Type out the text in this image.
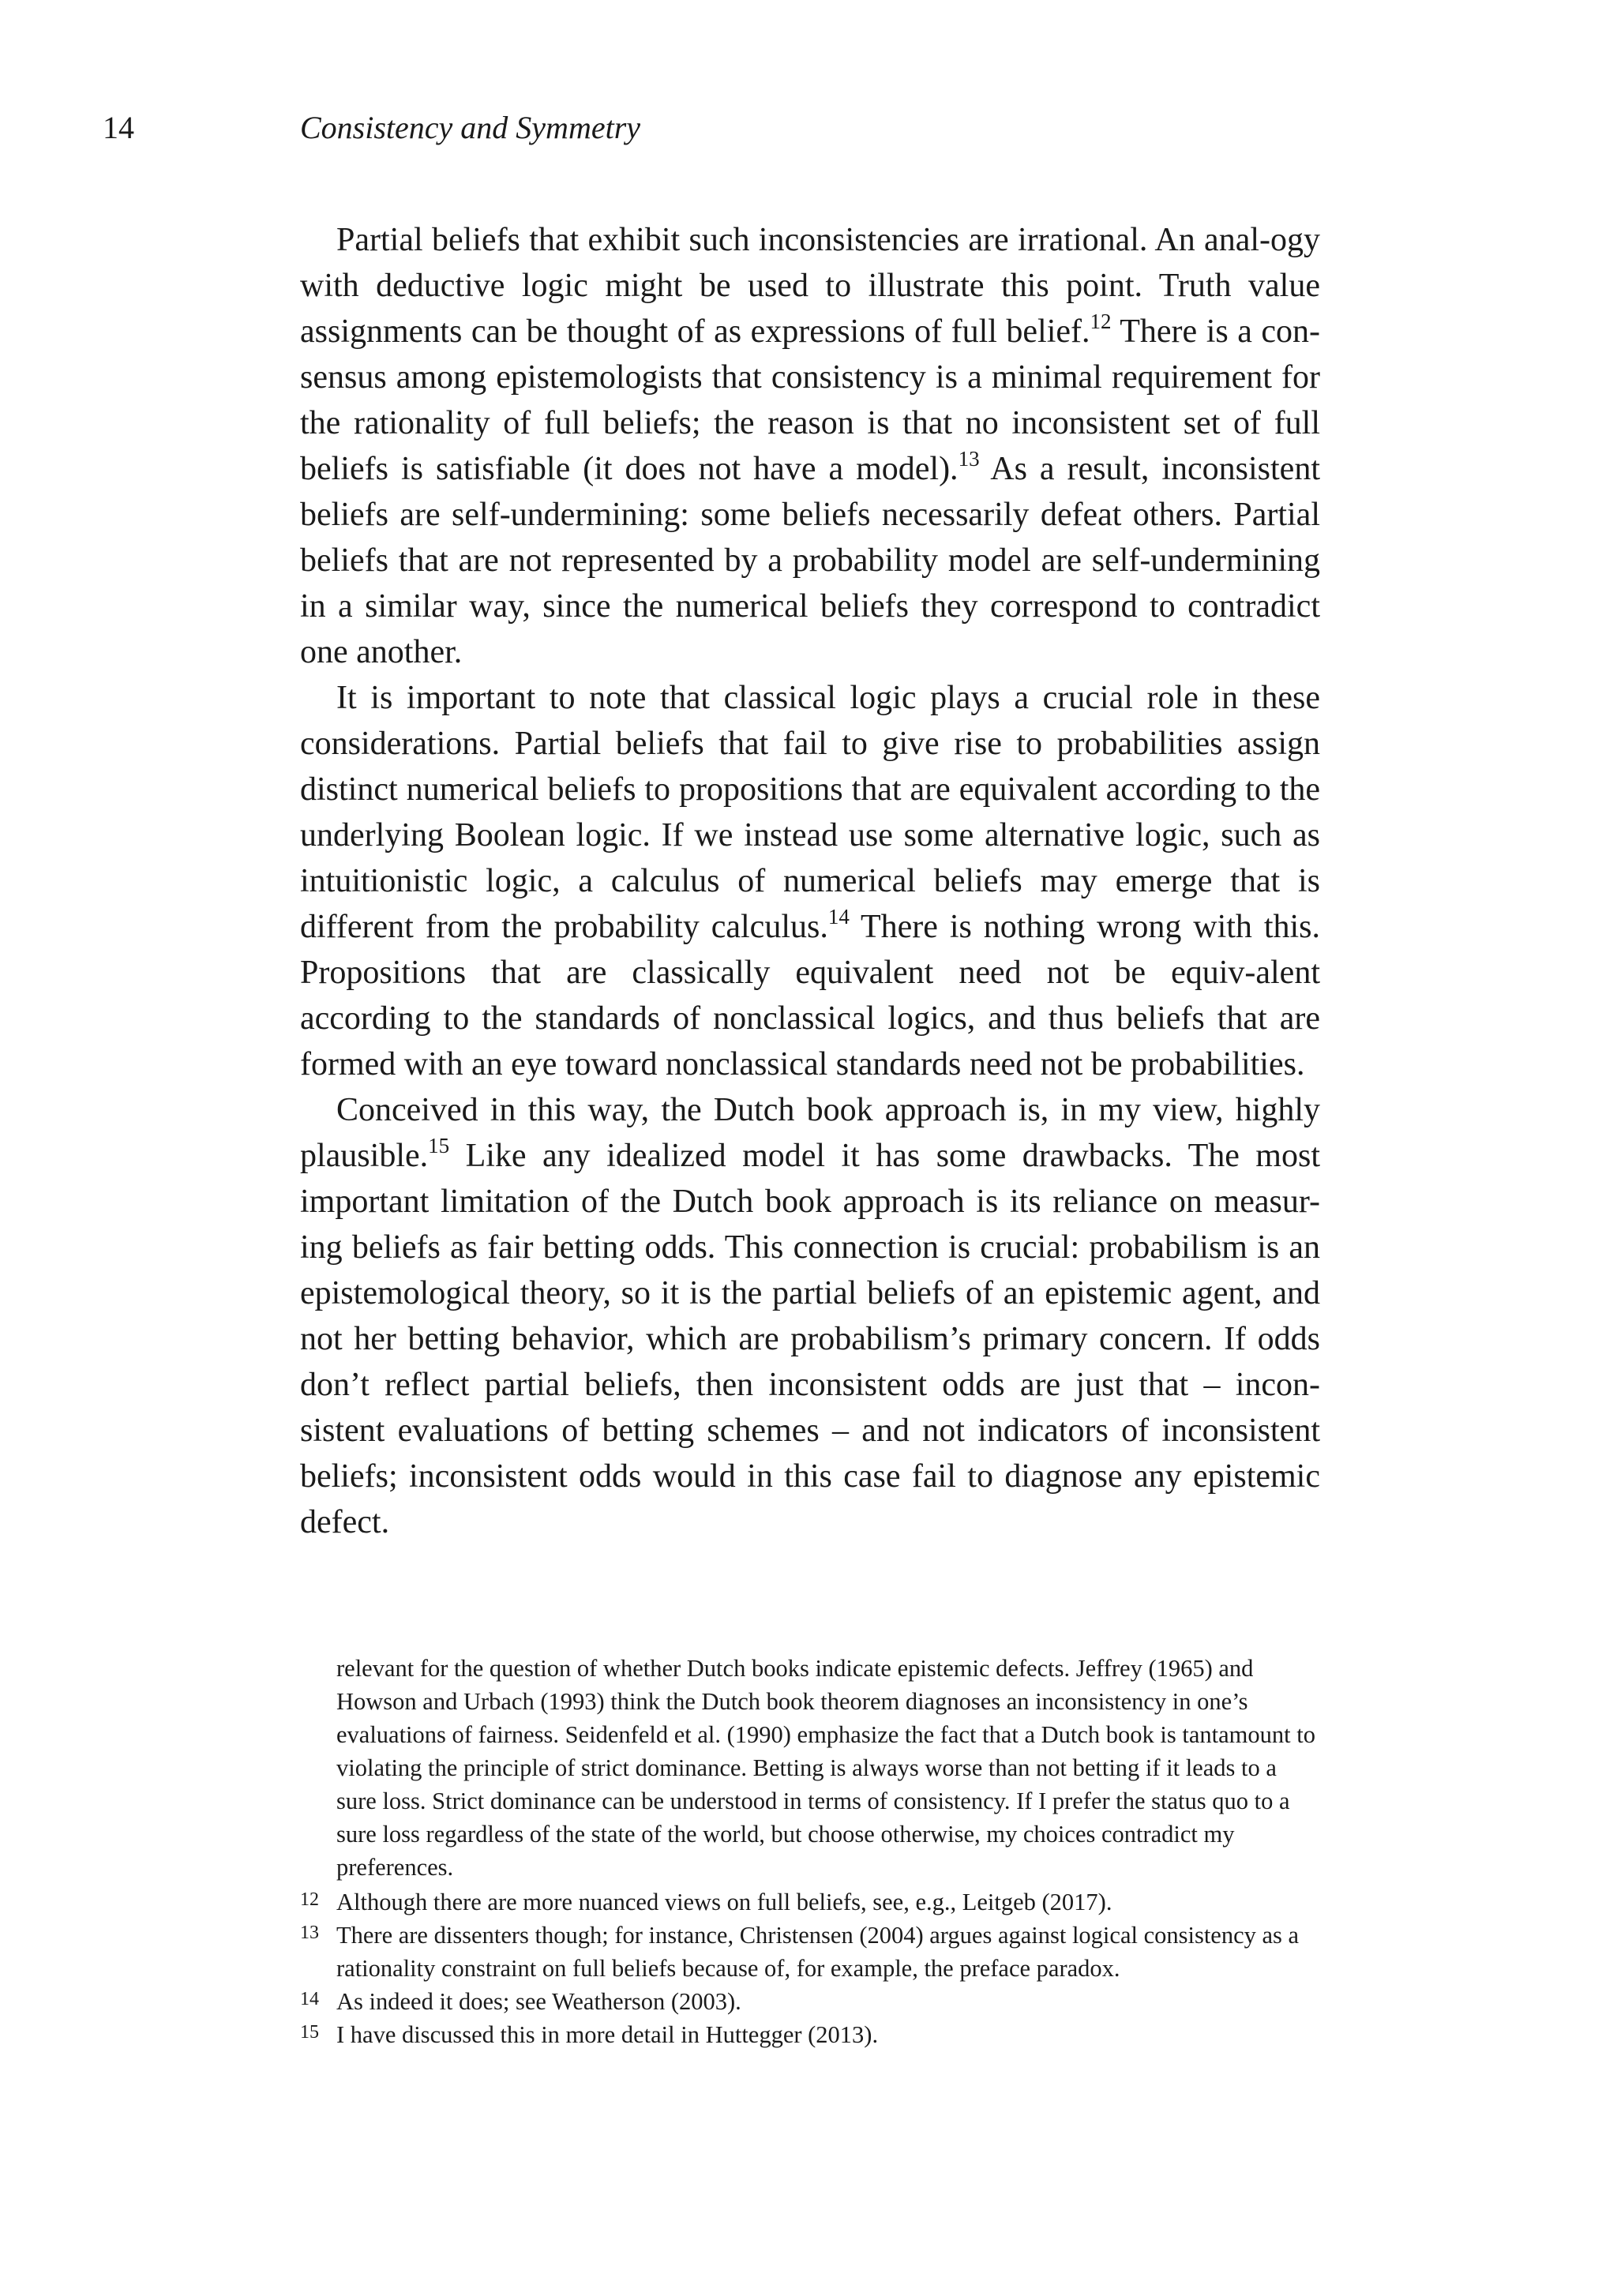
14	Consistency and Symmetry

Partial beliefs that exhibit such inconsistencies are irrational. An anal-ogy with deductive logic might be used to illustrate this point. Truth value assignments can be thought of as expressions of full belief.$^{12}$ There is a con-sensus among epistemologists that consistency is a minimal requirement for the rationality of full beliefs; the reason is that no inconsistent set of full beliefs is satisfiable (it does not have a model).$^{13}$ As a result, inconsistent beliefs are self-undermining: some beliefs necessarily defeat others. Partial beliefs that are not represented by a probability model are self-undermining in a similar way, since the numerical beliefs they correspond to contradict one another.

It is important to note that classical logic plays a crucial role in these considerations. Partial beliefs that fail to give rise to probabilities assign distinct numerical beliefs to propositions that are equivalent according to the underlying Boolean logic. If we instead use some alternative logic, such as intuitionistic logic, a calculus of numerical beliefs may emerge that is different from the probability calculus.$^{14}$ There is nothing wrong with this. Propositions that are classically equivalent need not be equiv-alent according to the standards of nonclassical logics, and thus beliefs that are formed with an eye toward nonclassical standards need not be probabilities.

Conceived in this way, the Dutch book approach is, in my view, highly plausible.$^{15}$ Like any idealized model it has some drawbacks. The most important limitation of the Dutch book approach is its reliance on measur-ing beliefs as fair betting odds. This connection is crucial: probabilism is an epistemological theory, so it is the partial beliefs of an epistemic agent, and not her betting behavior, which are probabilism’s primary concern. If odds don’t reflect partial beliefs, then inconsistent odds are just that – incon-sistent evaluations of betting schemes – and not indicators of inconsistent beliefs; inconsistent odds would in this case fail to diagnose any epistemic defect.

relevant for the question of whether Dutch books indicate epistemic defects. Jeffrey (1965) and Howson and Urbach (1993) think the Dutch book theorem diagnoses an inconsistency in one’s evaluations of fairness. Seidenfeld et al. (1990) emphasize the fact that a Dutch book is tantamount to violating the principle of strict dominance. Betting is always worse than not betting if it leads to a sure loss. Strict dominance can be understood in terms of consistency. If I prefer the status quo to a sure loss regardless of the state of the world, but choose otherwise, my choices contradict my preferences.

12 Although there are more nuanced views on full beliefs, see, e.g., Leitgeb (2017).

13 There are dissenters though; for instance, Christensen (2004) argues against logical consistency as a rationality constraint on full beliefs because of, for example, the preface paradox.

14 As indeed it does; see Weatherson (2003).

15 I have discussed this in more detail in Huttegger (2013).
